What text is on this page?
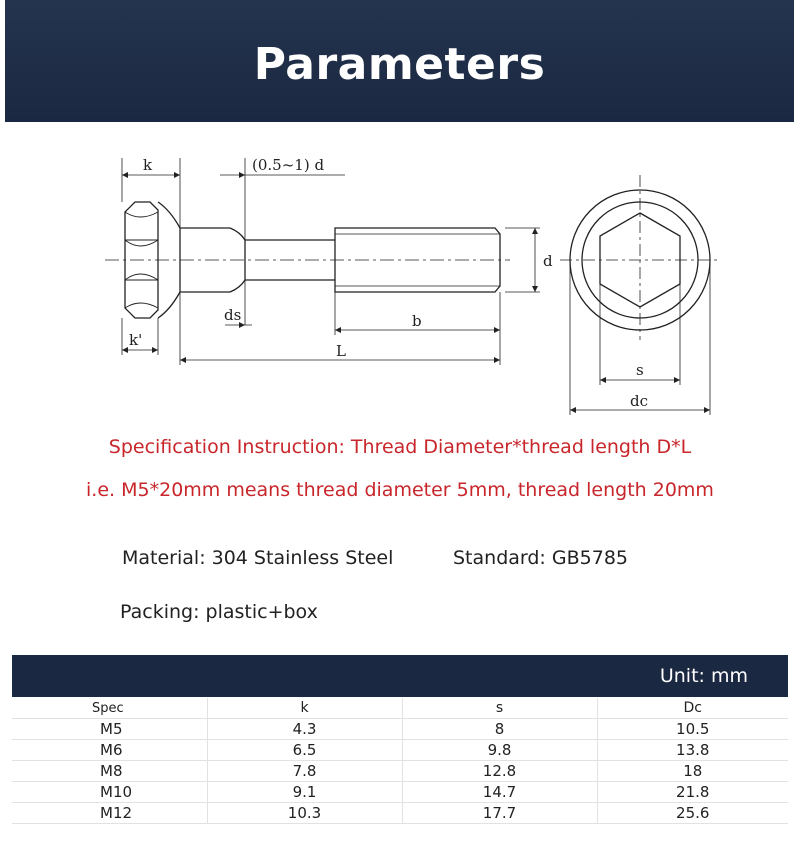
Parameters
k	(0.5~1) d
d
ds	b
k'
L
s
dc
Specification Instruction: Thread Diameter*thread length D*L
i.e. M5*20mm means thread diameter 5mm, thread length 20mm
Material: 304 Stainless Steel	Standard: GB5785
Packing: plastic+box
Unit: mm
Spec	k	s	Dc
M5	4.3	8	10.5
M6	6.5	9.8	13.8
M8	7.8	12.8	18
M10	9.1	14.7	21.8
M12	10.3	17.7	25.6
